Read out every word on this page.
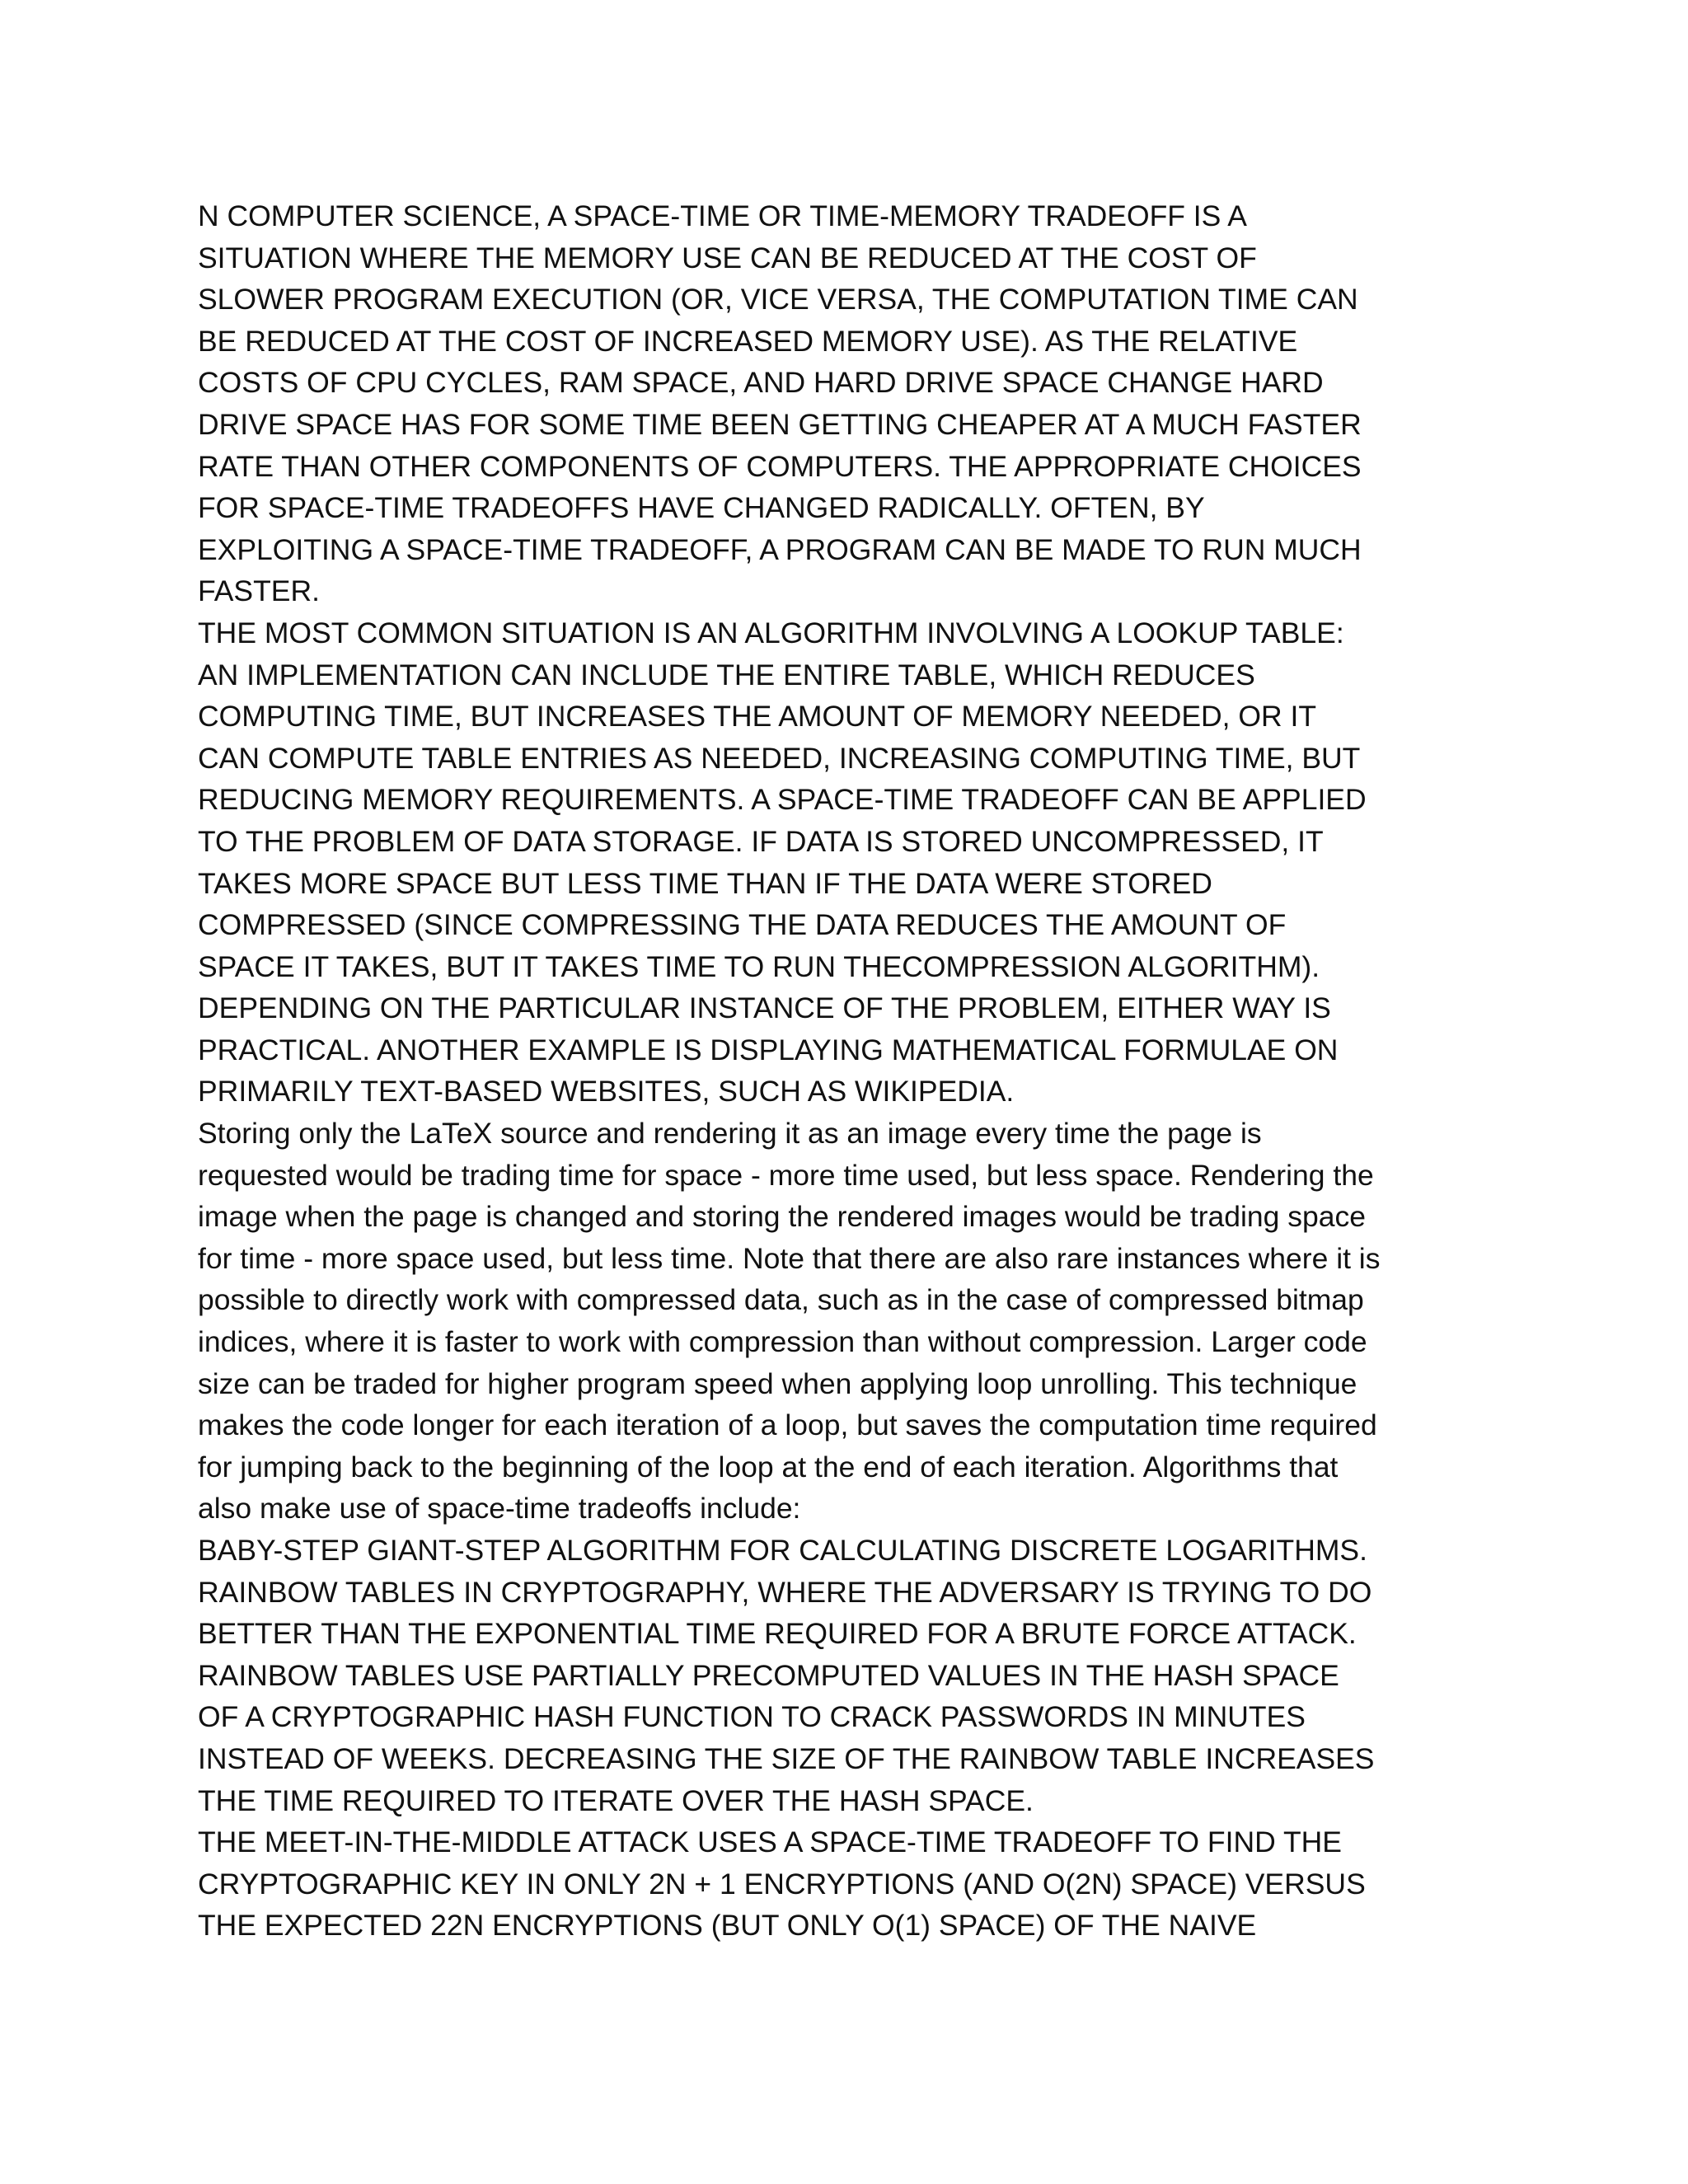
N COMPUTER SCIENCE, A SPACE-TIME OR TIME-MEMORY TRADEOFF IS A
SITUATION WHERE THE MEMORY USE CAN BE REDUCED AT THE COST OF
SLOWER PROGRAM EXECUTION (OR, VICE VERSA, THE COMPUTATION TIME CAN
BE REDUCED AT THE COST OF INCREASED MEMORY USE). AS THE RELATIVE
COSTS OF CPU CYCLES, RAM SPACE, AND HARD DRIVE SPACE CHANGE HARD
DRIVE SPACE HAS FOR SOME TIME BEEN GETTING CHEAPER AT A MUCH FASTER
RATE THAN OTHER COMPONENTS OF COMPUTERS. THE APPROPRIATE CHOICES
FOR SPACE-TIME TRADEOFFS HAVE CHANGED RADICALLY. OFTEN, BY
EXPLOITING A SPACE-TIME TRADEOFF, A PROGRAM CAN BE MADE TO RUN MUCH
FASTER.
THE MOST COMMON SITUATION IS AN ALGORITHM INVOLVING A LOOKUP TABLE:
AN IMPLEMENTATION CAN INCLUDE THE ENTIRE TABLE, WHICH REDUCES
COMPUTING TIME, BUT INCREASES THE AMOUNT OF MEMORY NEEDED, OR IT
CAN COMPUTE TABLE ENTRIES AS NEEDED, INCREASING COMPUTING TIME, BUT
REDUCING MEMORY REQUIREMENTS. A SPACE-TIME TRADEOFF CAN BE APPLIED
TO THE PROBLEM OF DATA STORAGE. IF DATA IS STORED UNCOMPRESSED, IT
TAKES MORE SPACE BUT LESS TIME THAN IF THE DATA WERE STORED
COMPRESSED (SINCE COMPRESSING THE DATA REDUCES THE AMOUNT OF
SPACE IT TAKES, BUT IT TAKES TIME TO RUN THECOMPRESSION ALGORITHM).
DEPENDING ON THE PARTICULAR INSTANCE OF THE PROBLEM, EITHER WAY IS
PRACTICAL. ANOTHER EXAMPLE IS DISPLAYING MATHEMATICAL FORMULAE ON
PRIMARILY TEXT-BASED WEBSITES, SUCH AS WIKIPEDIA.
Storing only the LaTeX source and rendering it as an image every time the page is
requested would be trading time for space - more time used, but less space. Rendering the
image when the page is changed and storing the rendered images would be trading space
for time - more space used, but less time. Note that there are also rare instances where it is
possible to directly work with compressed data, such as in the case of compressed bitmap
indices, where it is faster to work with compression than without compression. Larger code
size can be traded for higher program speed when applying loop unrolling. This technique
makes the code longer for each iteration of a loop, but saves the computation time required
for jumping back to the beginning of the loop at the end of each iteration. Algorithms that
also make use of space-time tradeoffs include:
BABY-STEP GIANT-STEP ALGORITHM FOR CALCULATING DISCRETE LOGARITHMS.
RAINBOW TABLES IN CRYPTOGRAPHY, WHERE THE ADVERSARY IS TRYING TO DO
BETTER THAN THE EXPONENTIAL TIME REQUIRED FOR A BRUTE FORCE ATTACK.
RAINBOW TABLES USE PARTIALLY PRECOMPUTED VALUES IN THE HASH SPACE
OF A CRYPTOGRAPHIC HASH FUNCTION TO CRACK PASSWORDS IN MINUTES
INSTEAD OF WEEKS. DECREASING THE SIZE OF THE RAINBOW TABLE INCREASES
THE TIME REQUIRED TO ITERATE OVER THE HASH SPACE.
THE MEET-IN-THE-MIDDLE ATTACK USES A SPACE-TIME TRADEOFF TO FIND THE
CRYPTOGRAPHIC KEY IN ONLY 2N + 1 ENCRYPTIONS (AND O(2N) SPACE) VERSUS
THE EXPECTED 22N ENCRYPTIONS (BUT ONLY O(1) SPACE) OF THE NAIVE
